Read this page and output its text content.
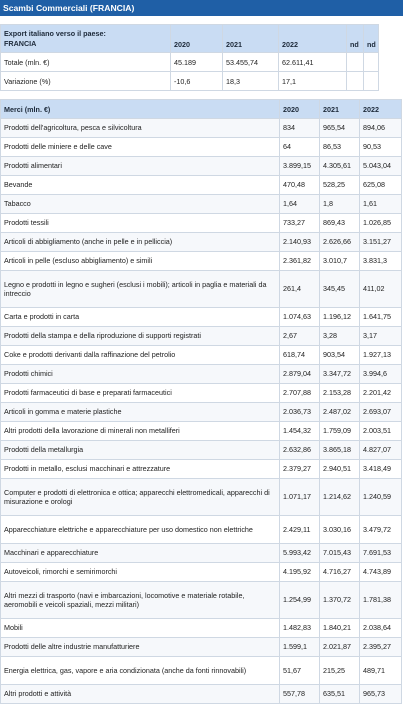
Scambi Commerciali (FRANCIA)
Export italiano verso il paese:
FRANCIA	2020	2021	2022	nd	nd
Totale (mln. €)	45.189	53.455,74	62.611,41		
Variazione (%)	-10,6	18,3	17,1		
Merci (mln. €)	2020	2021	2022
Prodotti dell'agricoltura, pesca e silvicoltura	834	965,54	894,06
Prodotti delle miniere e delle cave	64	86,53	90,53
Prodotti alimentari	3.899,15	4.305,61	5.043,04
Bevande	470,48	528,25	625,08
Tabacco	1,64	1,8	1,61
Prodotti tessili	733,27	869,43	1.026,85
Articoli di abbigliamento (anche in pelle e in pelliccia)	2.140,93	2.626,66	3.151,27
Articoli in pelle (escluso abbigliamento) e simili	2.361,82	3.010,7	3.831,3
Legno e prodotti in legno e sugheri (esclusi i mobili); articoli in paglia e materiali da intreccio	261,4	345,45	411,02
Carta e prodotti in carta	1.074,63	1.196,12	1.641,75
Prodotti della stampa e della riproduzione di supporti registrati	2,67	3,28	3,17
Coke e prodotti derivanti dalla raffinazione del petrolio	618,74	903,54	1.927,13
Prodotti chimici	2.879,04	3.347,72	3.994,6
Prodotti farmaceutici di base e preparati farmaceutici	2.707,88	2.153,28	2.201,42
Articoli in gomma e materie plastiche	2.036,73	2.487,02	2.693,07
Altri prodotti della lavorazione di minerali non metalliferi	1.454,32	1.759,09	2.003,51
Prodotti della metallurgia	2.632,86	3.865,18	4.827,07
Prodotti in metallo, esclusi macchinari e attrezzature	2.379,27	2.940,51	3.418,49
Computer e prodotti di elettronica e ottica; apparecchi elettromedicali, apparecchi di misurazione e orologi	1.071,17	1.214,62	1.240,59
Apparecchiature elettriche e apparecchiature per uso domestico non elettriche	2.429,11	3.030,16	3.479,72
Macchinari e apparecchiature	5.993,42	7.015,43	7.691,53
Autoveicoli, rimorchi e semirimorchi	4.195,92	4.716,27	4.743,89
Altri mezzi di trasporto (navi e imbarcazioni, locomotive e materiale rotabile, aeromobili e veicoli spaziali, mezzi militari)	1.254,99	1.370,72	1.781,38
Mobili	1.482,83	1.840,21	2.038,64
Prodotti delle altre industrie manufatturiere	1.599,1	2.021,87	2.395,27
Energia elettrica, gas, vapore e aria condizionata (anche da fonti rinnovabili)	51,67	215,25	489,71
Altri prodotti e attività	557,78	635,51	965,73
